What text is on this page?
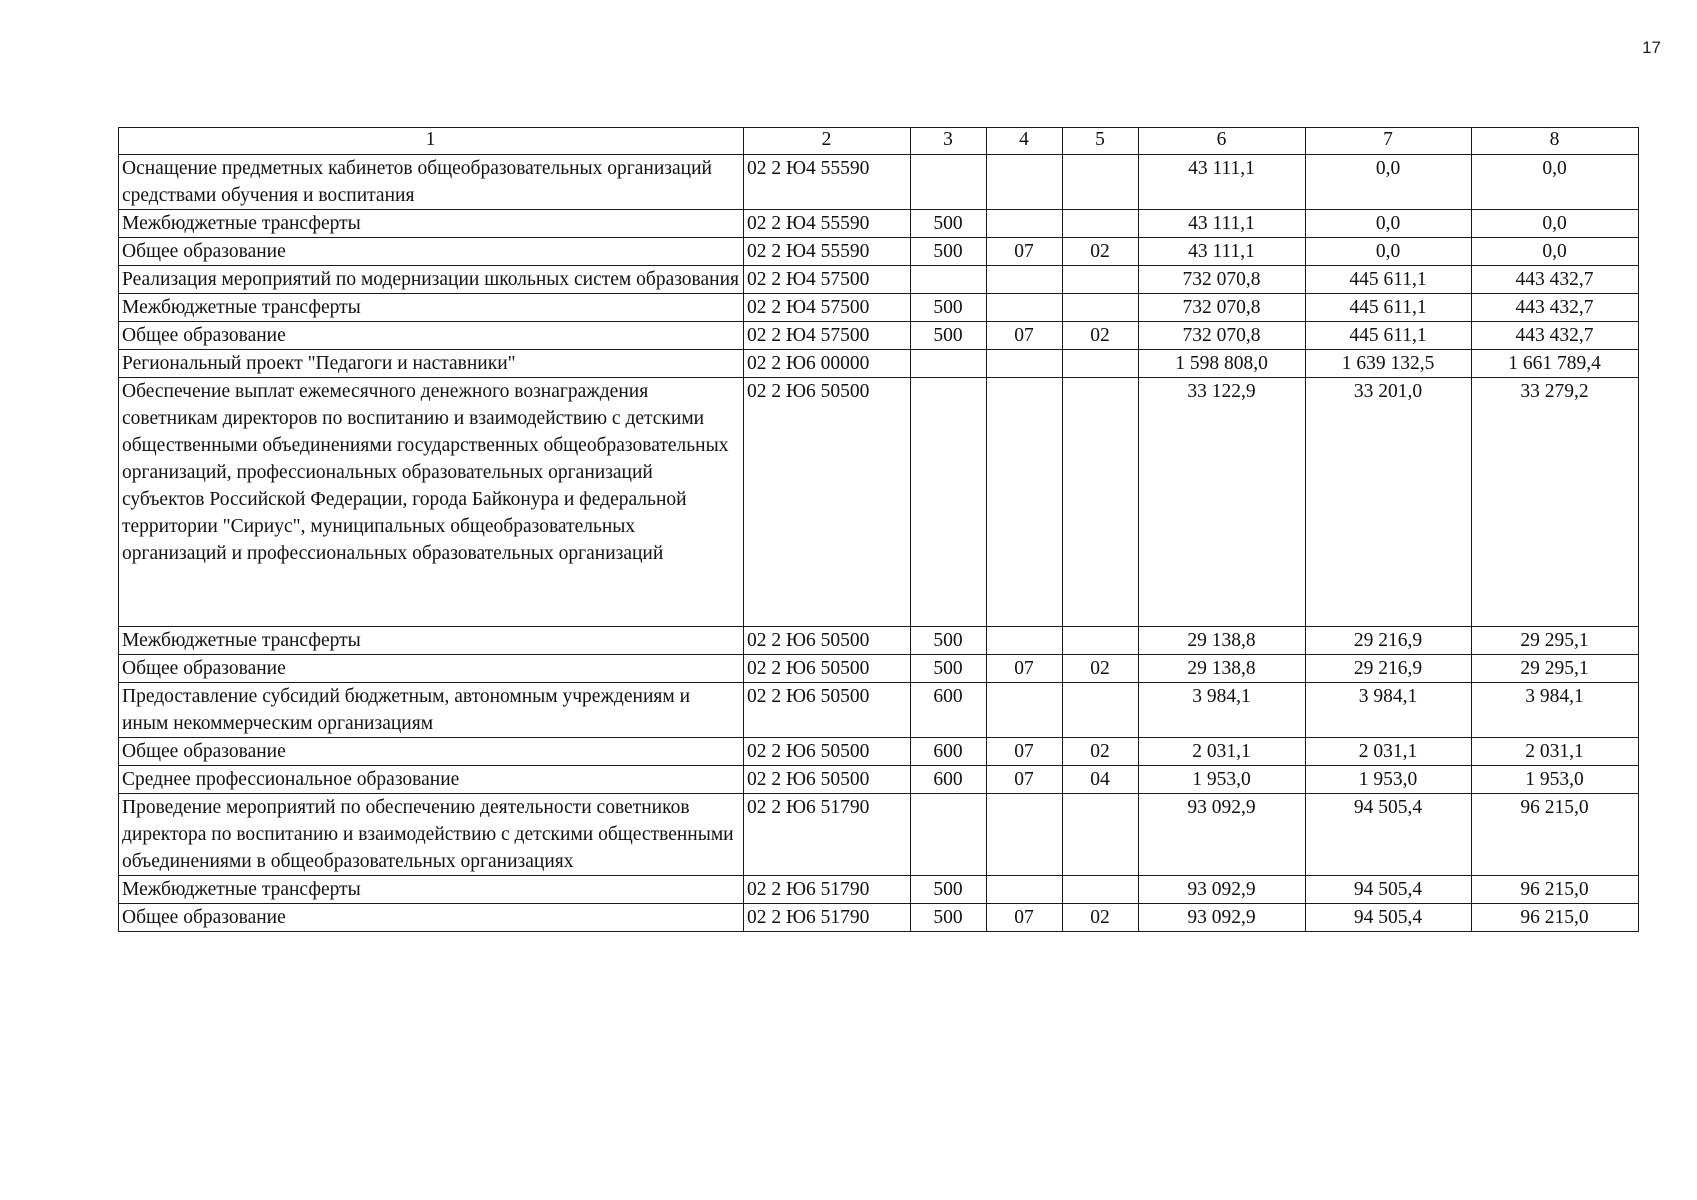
17
1	2	3	4	5	6	7	8
Оснащение предметных кабинетов общеобразовательных организаций средствами обучения и воспитания	02 2 Ю4 55590				43 111,1	0,0	0,0
Межбюджетные трансферты	02 2 Ю4 55590	500			43 111,1	0,0	0,0
Общее образование	02 2 Ю4 55590	500	07	02	43 111,1	0,0	0,0
Реализация мероприятий по модернизации школьных систем образования	02 2 Ю4 57500				732 070,8	445 611,1	443 432,7
Межбюджетные трансферты	02 2 Ю4 57500	500			732 070,8	445 611,1	443 432,7
Общее образование	02 2 Ю4 57500	500	07	02	732 070,8	445 611,1	443 432,7
Региональный проект "Педагоги и наставники"	02 2 Ю6 00000				1 598 808,0	1 639 132,5	1 661 789,4
Обеспечение выплат ежемесячного денежного вознаграждения советникам директоров по воспитанию и взаимодействию с детскими общественными объединениями государственных общеобразовательных организаций, профессиональных образовательных организаций субъектов Российской Федерации, города Байконура и федеральной территории "Сириус", муниципальных общеобразовательных организаций и профессиональных образовательных организаций	02 2 Ю6 50500				33 122,9	33 201,0	33 279,2
Межбюджетные трансферты	02 2 Ю6 50500	500			29 138,8	29 216,9	29 295,1
Общее образование	02 2 Ю6 50500	500	07	02	29 138,8	29 216,9	29 295,1
Предоставление субсидий бюджетным, автономным учреждениям и иным некоммерческим организациям	02 2 Ю6 50500	600			3 984,1	3 984,1	3 984,1
Общее образование	02 2 Ю6 50500	600	07	02	2 031,1	2 031,1	2 031,1
Среднее профессиональное образование	02 2 Ю6 50500	600	07	04	1 953,0	1 953,0	1 953,0
Проведение мероприятий по обеспечению деятельности советников директора по воспитанию и взаимодействию с детскими общественными объединениями в общеобразовательных организациях	02 2 Ю6 51790				93 092,9	94 505,4	96 215,0
Межбюджетные трансферты	02 2 Ю6 51790	500			93 092,9	94 505,4	96 215,0
Общее образование	02 2 Ю6 51790	500	07	02	93 092,9	94 505,4	96 215,0
